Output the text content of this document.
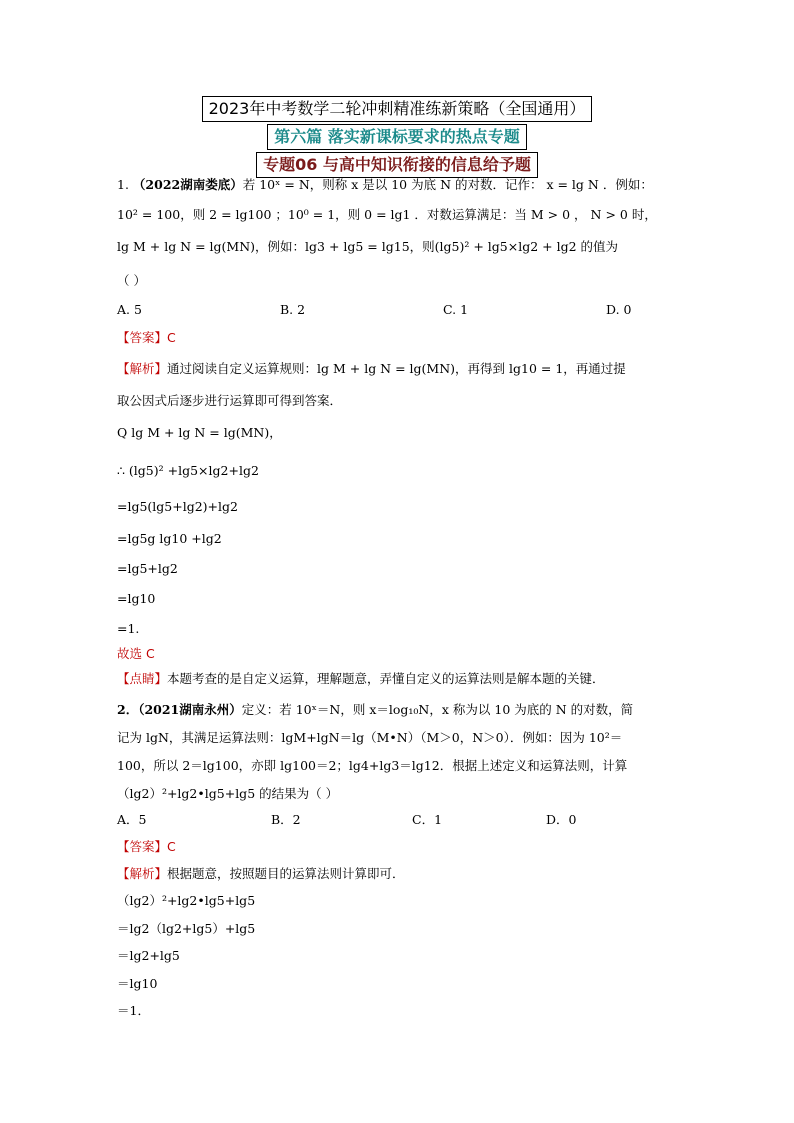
2023年中考数学二轮冲刺精准练新策略（全国通用）
第六篇 落实新课标要求的热点专题
专题06 与高中知识衔接的信息给予题
1. （2022湖南娄底）若 10ˣ = N，则称 x 是以 10 为底 N 的对数．记作： x = lg N ．例如：
10² = 100，则 2 = lg100 ；10⁰ = 1，则 0 = lg1 ．对数运算满足：当 M > 0 ， N > 0 时，
lg M + lg N = lg(MN)，例如：lg3 + lg5 = lg15，则(lg5)² + lg5×lg2 + lg2 的值为
（ ）
A. 5	B. 2	C. 1	D. 0
【答案】C
【解析】通过阅读自定义运算规则：lg M + lg N = lg(MN)，再得到 lg10 = 1，再通过提
取公因式后逐步进行运算即可得到答案．
Q lg M + lg N = lg(MN)，
∴ (lg5)² +lg5×lg2+lg2
=lg5(lg5+lg2)+lg2
=lg5g lg10 +lg2
=lg5+lg2
=lg10
=1.
故选 C
【点睛】本题考查的是自定义运算，理解题意，弄懂自定义的运算法则是解本题的关键．
2．（2021湖南永州）定义：若 10ˣ＝N，则 x＝log₁₀N，x 称为以 10 为底的 N 的对数，简
记为 lgN，其满足运算法则：lgM+lgN＝lg（M•N）（M＞0，N＞0）．例如：因为 10²＝
100，所以 2＝lg100，亦即 lg100＝2；lg4+lg3＝lg12．根据上述定义和运算法则，计算
（lg2）²+lg2•lg5+lg5 的结果为（ ）
A．5	B．2	C．1	D．0
【答案】C
【解析】根据题意，按照题目的运算法则计算即可．
（lg2）²+lg2•lg5+lg5
＝lg2（lg2+lg5）+lg5
＝lg2+lg5
＝lg10
＝1．
